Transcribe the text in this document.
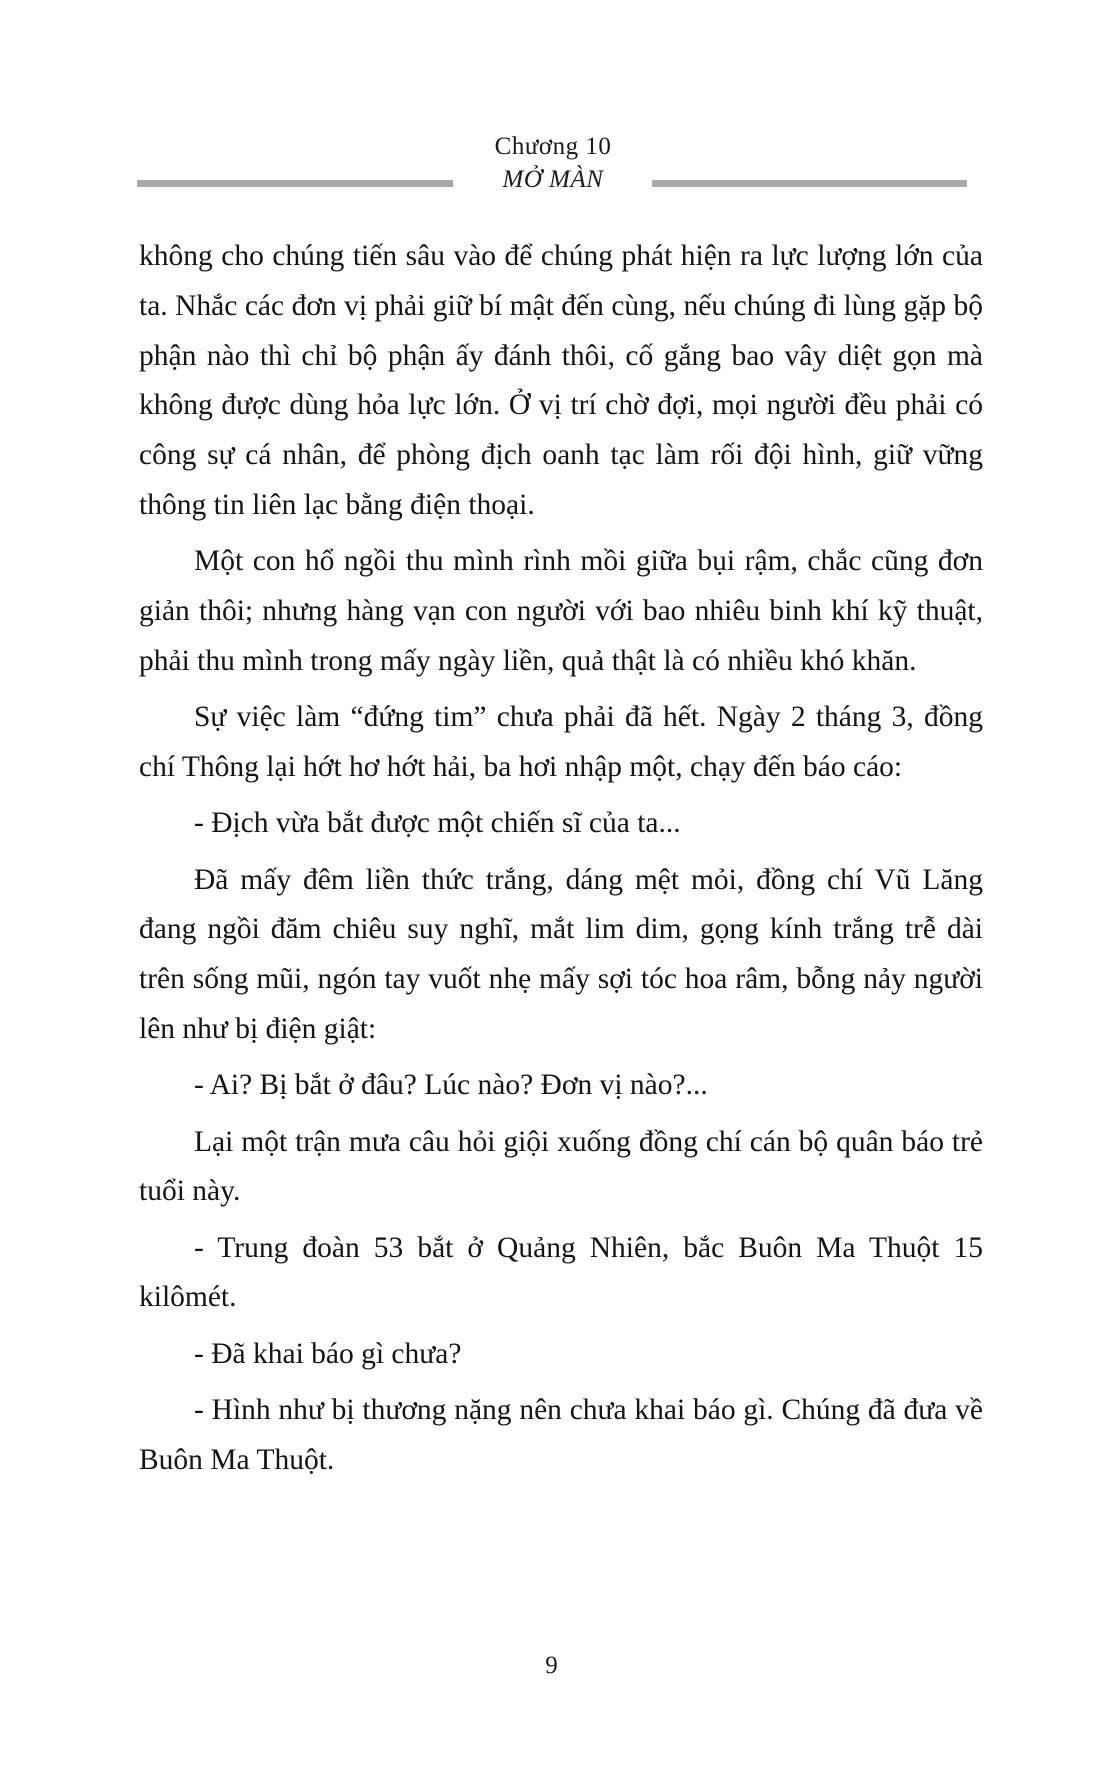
Chương 10
MỞ MÀN

không cho chúng tiến sâu vào để chúng phát hiện ra lực lượng lớn của ta. Nhắc các đơn vị phải giữ bí mật đến cùng, nếu chúng đi lùng gặp bộ phận nào thì chỉ bộ phận ấy đánh thôi, cố gắng bao vây diệt gọn mà không được dùng hỏa lực lớn. Ở vị trí chờ đợi, mọi người đều phải có công sự cá nhân, để phòng địch oanh tạc làm rối đội hình, giữ vững thông tin liên lạc bằng điện thoại.

Một con hổ ngồi thu mình rình mồi giữa bụi rậm, chắc cũng đơn giản thôi; nhưng hàng vạn con người với bao nhiêu binh khí kỹ thuật, phải thu mình trong mấy ngày liền, quả thật là có nhiều khó khăn.

Sự việc làm “đứng tim” chưa phải đã hết. Ngày 2 tháng 3, đồng chí Thông lại hớt hơ hớt hải, ba hơi nhập một, chạy đến báo cáo:

- Địch vừa bắt được một chiến sĩ của ta...

Đã mấy đêm liền thức trắng, dáng mệt mỏi, đồng chí Vũ Lăng đang ngồi đăm chiêu suy nghĩ, mắt lim dim, gọng kính trắng trễ dài trên sống mũi, ngón tay vuốt nhẹ mấy sợi tóc hoa râm, bỗng nảy người lên như bị điện giật:

- Ai? Bị bắt ở đâu? Lúc nào? Đơn vị nào?...

Lại một trận mưa câu hỏi giội xuống đồng chí cán bộ quân báo trẻ tuổi này.

- Trung đoàn 53 bắt ở Quảng Nhiên, bắc Buôn Ma Thuột 15 kilômét.

- Đã khai báo gì chưa?

- Hình như bị thương nặng nên chưa khai báo gì. Chúng đã đưa về Buôn Ma Thuột.

9
